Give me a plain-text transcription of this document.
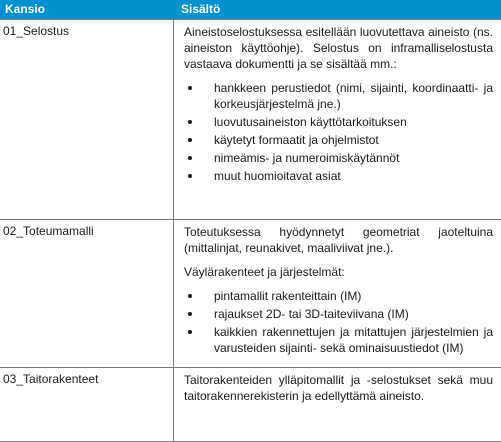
Kansio	Sisältö
01_Selostus	Aineistoselostuksessa esitellään luovutettava aineisto (ns. aineiston käyttöohje). Selostus on inframalliselostusta vastaava dokumentti ja se sisältää mm.:

hankkeen perustiedot (nimi, sijainti, koordinaatti- ja korkeusjärjestelmä jne.)
luovutusaineiston käyttötarkoituksen
käytetyt formaatit ja ohjelmistot
nimeämis- ja numeroimiskäytännöt
muut huomioitavat asiat
02_Toteumamalli	Toteutuksessa hyödynnetyt geometriat jaoteltuina (mittalinjat, reunakivet, maaliviivat jne.).

Väylärakenteet ja järjestelmät:

pintamallit rakenteittain (IM)
rajaukset 2D- tai 3D-taiteviivana (IM)
kaikkien rakennettujen ja mitattujen järjestelmien ja varusteiden sijainti- sekä ominaisuustiedot (IM)
03_Taitorakenteet	Taitorakenteiden ylläpitomallit ja -selostukset sekä muu taitorakennerekisterin ja edellyttämä aineisto.
